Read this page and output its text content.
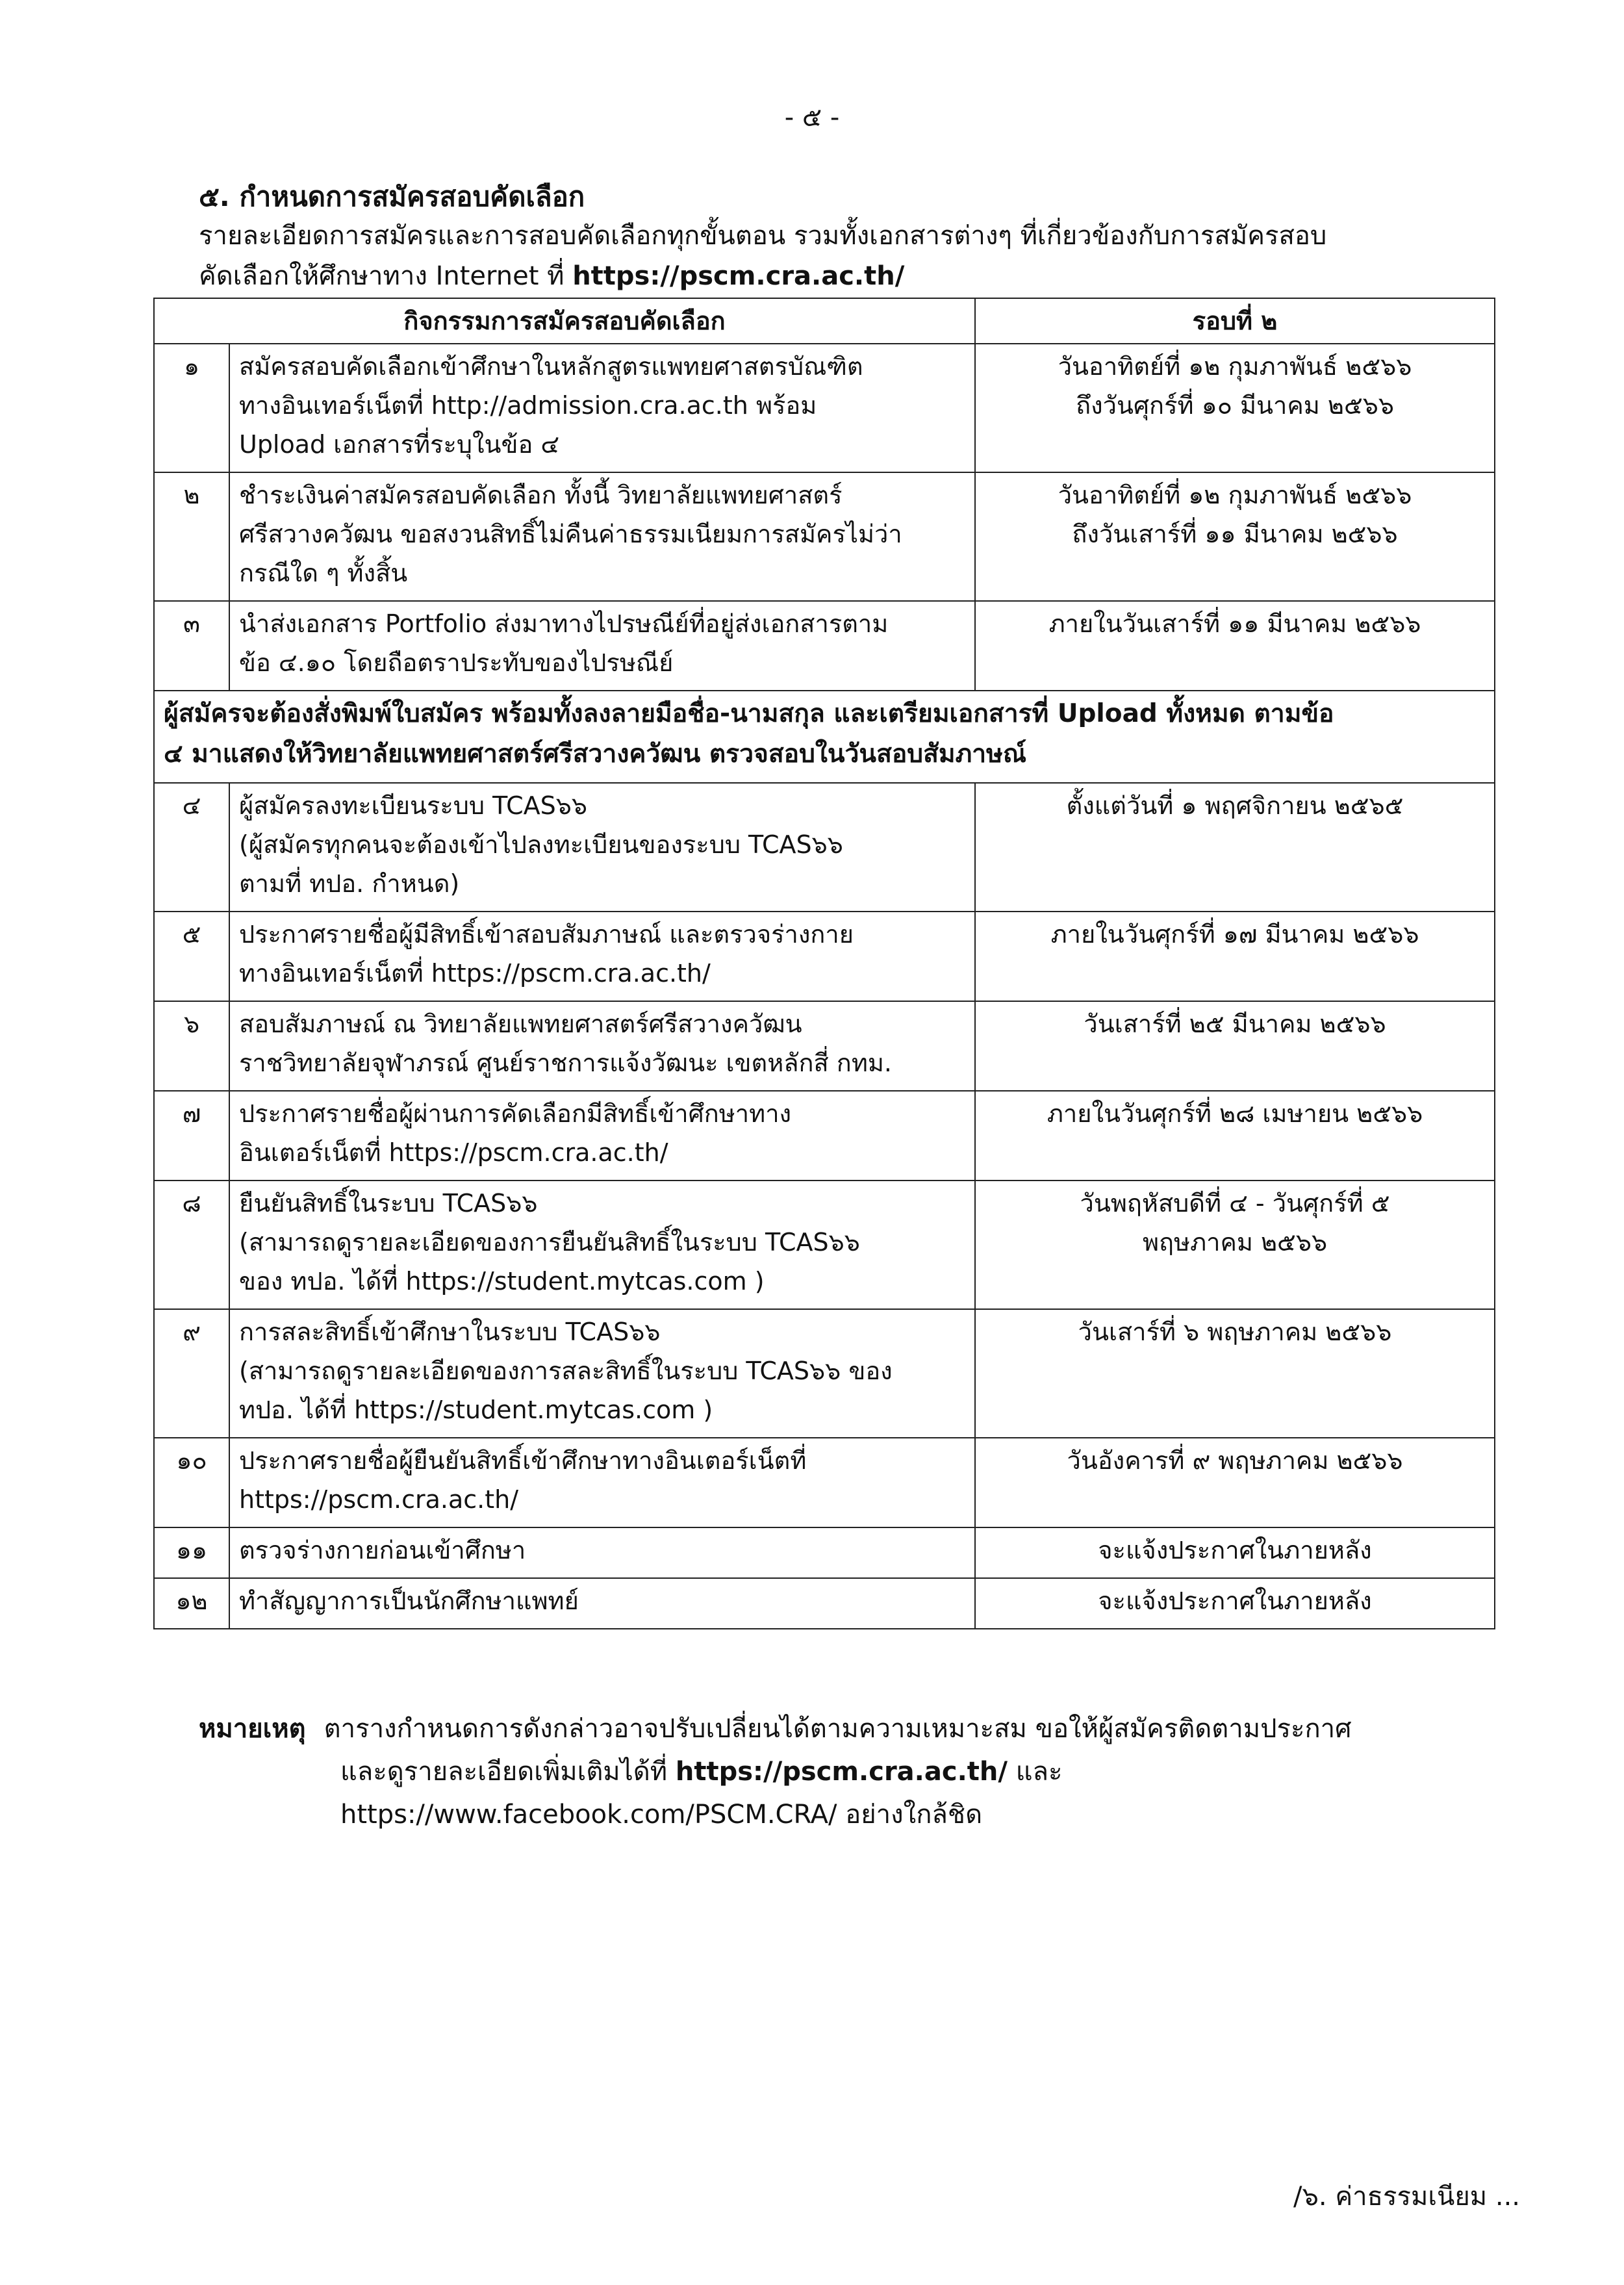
- ๕ -
๕. กำหนดการสมัครสอบคัดเลือก
รายละเอียดการสมัครและการสอบคัดเลือกทุกขั้นตอน รวมทั้งเอกสารต่างๆ ที่เกี่ยวข้องกับการสมัครสอบ
คัดเลือกให้ศึกษาทาง Internet ที่ https://pscm.cra.ac.th/
กิจกรรมการสมัครสอบคัดเลือก		รอบที่ ๒
๑	สมัครสอบคัดเลือกเข้าศึกษาในหลักสูตรแพทยศาสตรบัณฑิต
ทางอินเทอร์เน็ตที่ http://admission.cra.ac.th พร้อม
Upload เอกสารที่ระบุในข้อ ๔	วันอาทิตย์ที่ ๑๒ กุมภาพันธ์ ๒๕๖๖
ถึงวันศุกร์ที่ ๑๐ มีนาคม ๒๕๖๖

๒	ชำระเงินค่าสมัครสอบคัดเลือก ทั้งนี้ วิทยาลัยแพทยศาสตร์
ศรีสวางควัฒน ขอสงวนสิทธิ์ไม่คืนค่าธรรมเนียมการสมัครไม่ว่า
กรณีใด ๆ ทั้งสิ้น	วันอาทิตย์ที่ ๑๒ กุมภาพันธ์ ๒๕๖๖
ถึงวันเสาร์ที่ ๑๑ มีนาคม ๒๕๖๖

๓	นำส่งเอกสาร Portfolio ส่งมาทางไปรษณีย์ที่อยู่ส่งเอกสารตาม
ข้อ ๔.๑๐ โดยถือตราประทับของไปรษณีย์	ภายในวันเสาร์ที่ ๑๑ มีนาคม ๒๕๖๖

ผู้สมัครจะต้องสั่งพิมพ์ใบสมัคร พร้อมทั้งลงลายมือชื่อ-นามสกุล และเตรียมเอกสารที่ Upload ทั้งหมด ตามข้อ
๔ มาแสดงให้วิทยาลัยแพทยศาสตร์ศรีสวางควัฒน ตรวจสอบในวันสอบสัมภาษณ์		

๔	ผู้สมัครลงทะเบียนระบบ TCAS๖๖
(ผู้สมัครทุกคนจะต้องเข้าไปลงทะเบียนของระบบ TCAS๖๖
ตามที่ ทปอ. กำหนด)	ตั้งแต่วันที่ ๑ พฤศจิกายน ๒๕๖๕

๕	ประกาศรายชื่อผู้มีสิทธิ์เข้าสอบสัมภาษณ์ และตรวจร่างกาย
ทางอินเทอร์เน็ตที่ https://pscm.cra.ac.th/	ภายในวันศุกร์ที่ ๑๗ มีนาคม ๒๕๖๖

๖	สอบสัมภาษณ์ ณ วิทยาลัยแพทยศาสตร์ศรีสวางควัฒน
ราชวิทยาลัยจุฬาภรณ์ ศูนย์ราชการแจ้งวัฒนะ เขตหลักสี่ กทม.	วันเสาร์ที่ ๒๕ มีนาคม ๒๕๖๖

๗	ประกาศรายชื่อผู้ผ่านการคัดเลือกมีสิทธิ์เข้าศึกษาทาง
อินเตอร์เน็ตที่ https://pscm.cra.ac.th/	ภายในวันศุกร์ที่ ๒๘ เมษายน ๒๕๖๖

๘	ยืนยันสิทธิ์ในระบบ TCAS๖๖
(สามารถดูรายละเอียดของการยืนยันสิทธิ์ในระบบ TCAS๖๖
ของ ทปอ. ได้ที่ https://student.mytcas.com )	วันพฤหัสบดีที่ ๔ - วันศุกร์ที่ ๕
พฤษภาคม ๒๕๖๖

๙	การสละสิทธิ์เข้าศึกษาในระบบ TCAS๖๖
(สามารถดูรายละเอียดของการสละสิทธิ์ในระบบ TCAS๖๖ ของ
ทปอ. ได้ที่ https://student.mytcas.com )	วันเสาร์ที่ ๖ พฤษภาคม ๒๕๖๖

๑๐	ประกาศรายชื่อผู้ยืนยันสิทธิ์เข้าศึกษาทางอินเตอร์เน็ตที่
https://pscm.cra.ac.th/	วันอังคารที่ ๙ พฤษภาคม ๒๕๖๖

๑๑	ตรวจร่างกายก่อนเข้าศึกษา	จะแจ้งประกาศในภายหลัง

๑๒	ทำสัญญาการเป็นนักศึกษาแพทย์	จะแจ้งประกาศในภายหลัง
หมายเหตุ ตารางกำหนดการดังกล่าวอาจปรับเปลี่ยนได้ตามความเหมาะสม ขอให้ผู้สมัครติดตามประกาศ
และดูรายละเอียดเพิ่มเติมได้ที่ https://pscm.cra.ac.th/ และ
https://www.facebook.com/PSCM.CRA/ อย่างใกล้ชิด
/๖. ค่าธรรมเนียม ...
